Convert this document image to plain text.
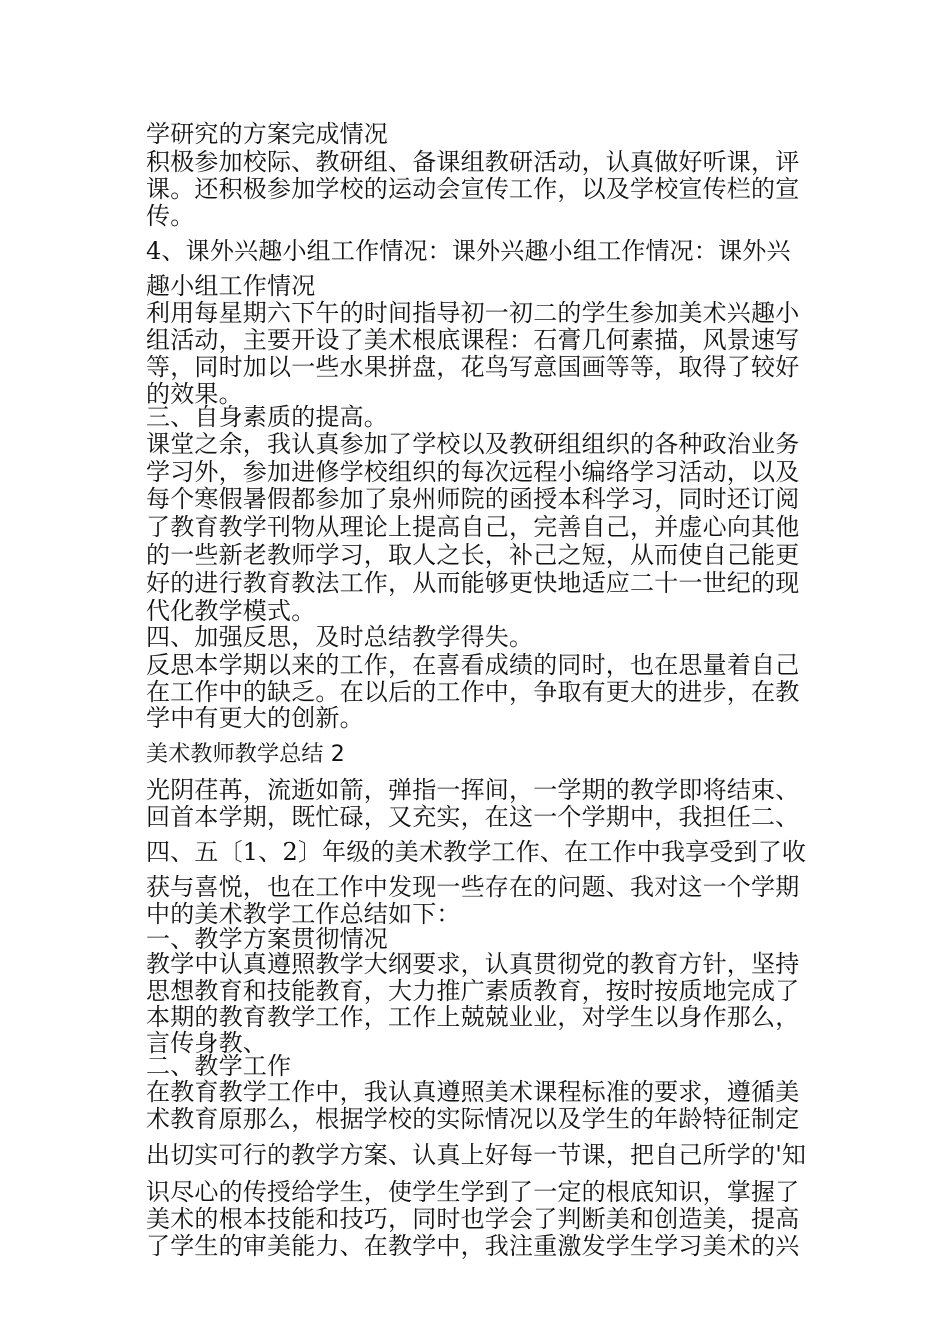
学研究的方案完成情况
积极参加校际、教研组、备课组教研活动，认真做好听课，评
课。还积极参加学校的运动会宣传工作，以及学校宣传栏的宣
传。
4、课外兴趣小组工作情况：课外兴趣小组工作情况：课外兴
趣小组工作情况
利用每星期六下午的时间指导初一初二的学生参加美术兴趣小
组活动，主要开设了美术根底课程：石膏几何素描，风景速写
等，同时加以一些水果拼盘，花鸟写意国画等等，取得了较好
的效果。
三、自身素质的提高。
课堂之余，我认真参加了学校以及教研组组织的各种政治业务
学习外，参加进修学校组织的每次远程小编络学习活动，以及
每个寒假暑假都参加了泉州师院的函授本科学习，同时还订阅
了教育教学刊物从理论上提高自己，完善自己，并虚心向其他
的一些新老教师学习，取人之长，补己之短，从而使自己能更
好的进行教育教法工作，从而能够更快地适应二十一世纪的现
代化教学模式。
四、加强反思，及时总结教学得失。
反思本学期以来的工作，在喜看成绩的同时，也在思量着自己
在工作中的缺乏。在以后的工作中，争取有更大的进步，在教
学中有更大的创新。
美术教师教学总结 2
光阴荏苒，流逝如箭，弹指一挥间，一学期的教学即将结束、
回首本学期，既忙碌，又充实，在这一个学期中，我担任二、
四、五〔1、2〕年级的美术教学工作、在工作中我享受到了收
获与喜悦，也在工作中发现一些存在的问题、我对这一个学期
中的美术教学工作总结如下：
一、教学方案贯彻情况
教学中认真遵照教学大纲要求，认真贯彻党的教育方针，坚持
思想教育和技能教育，大力推广素质教育，按时按质地完成了
本期的教育教学工作，工作上兢兢业业，对学生以身作那么，
言传身教、
二、教学工作
在教育教学工作中，我认真遵照美术课程标准的要求，遵循美
术教育原那么，根据学校的实际情况以及学生的年龄特征制定
出切实可行的教学方案、认真上好每一节课，把自己所学的'知
识尽心的传授给学生，使学生学到了一定的根底知识，掌握了
美术的根本技能和技巧，同时也学会了判断美和创造美，提高
了学生的审美能力、在教学中，我注重激发学生学习美术的兴
